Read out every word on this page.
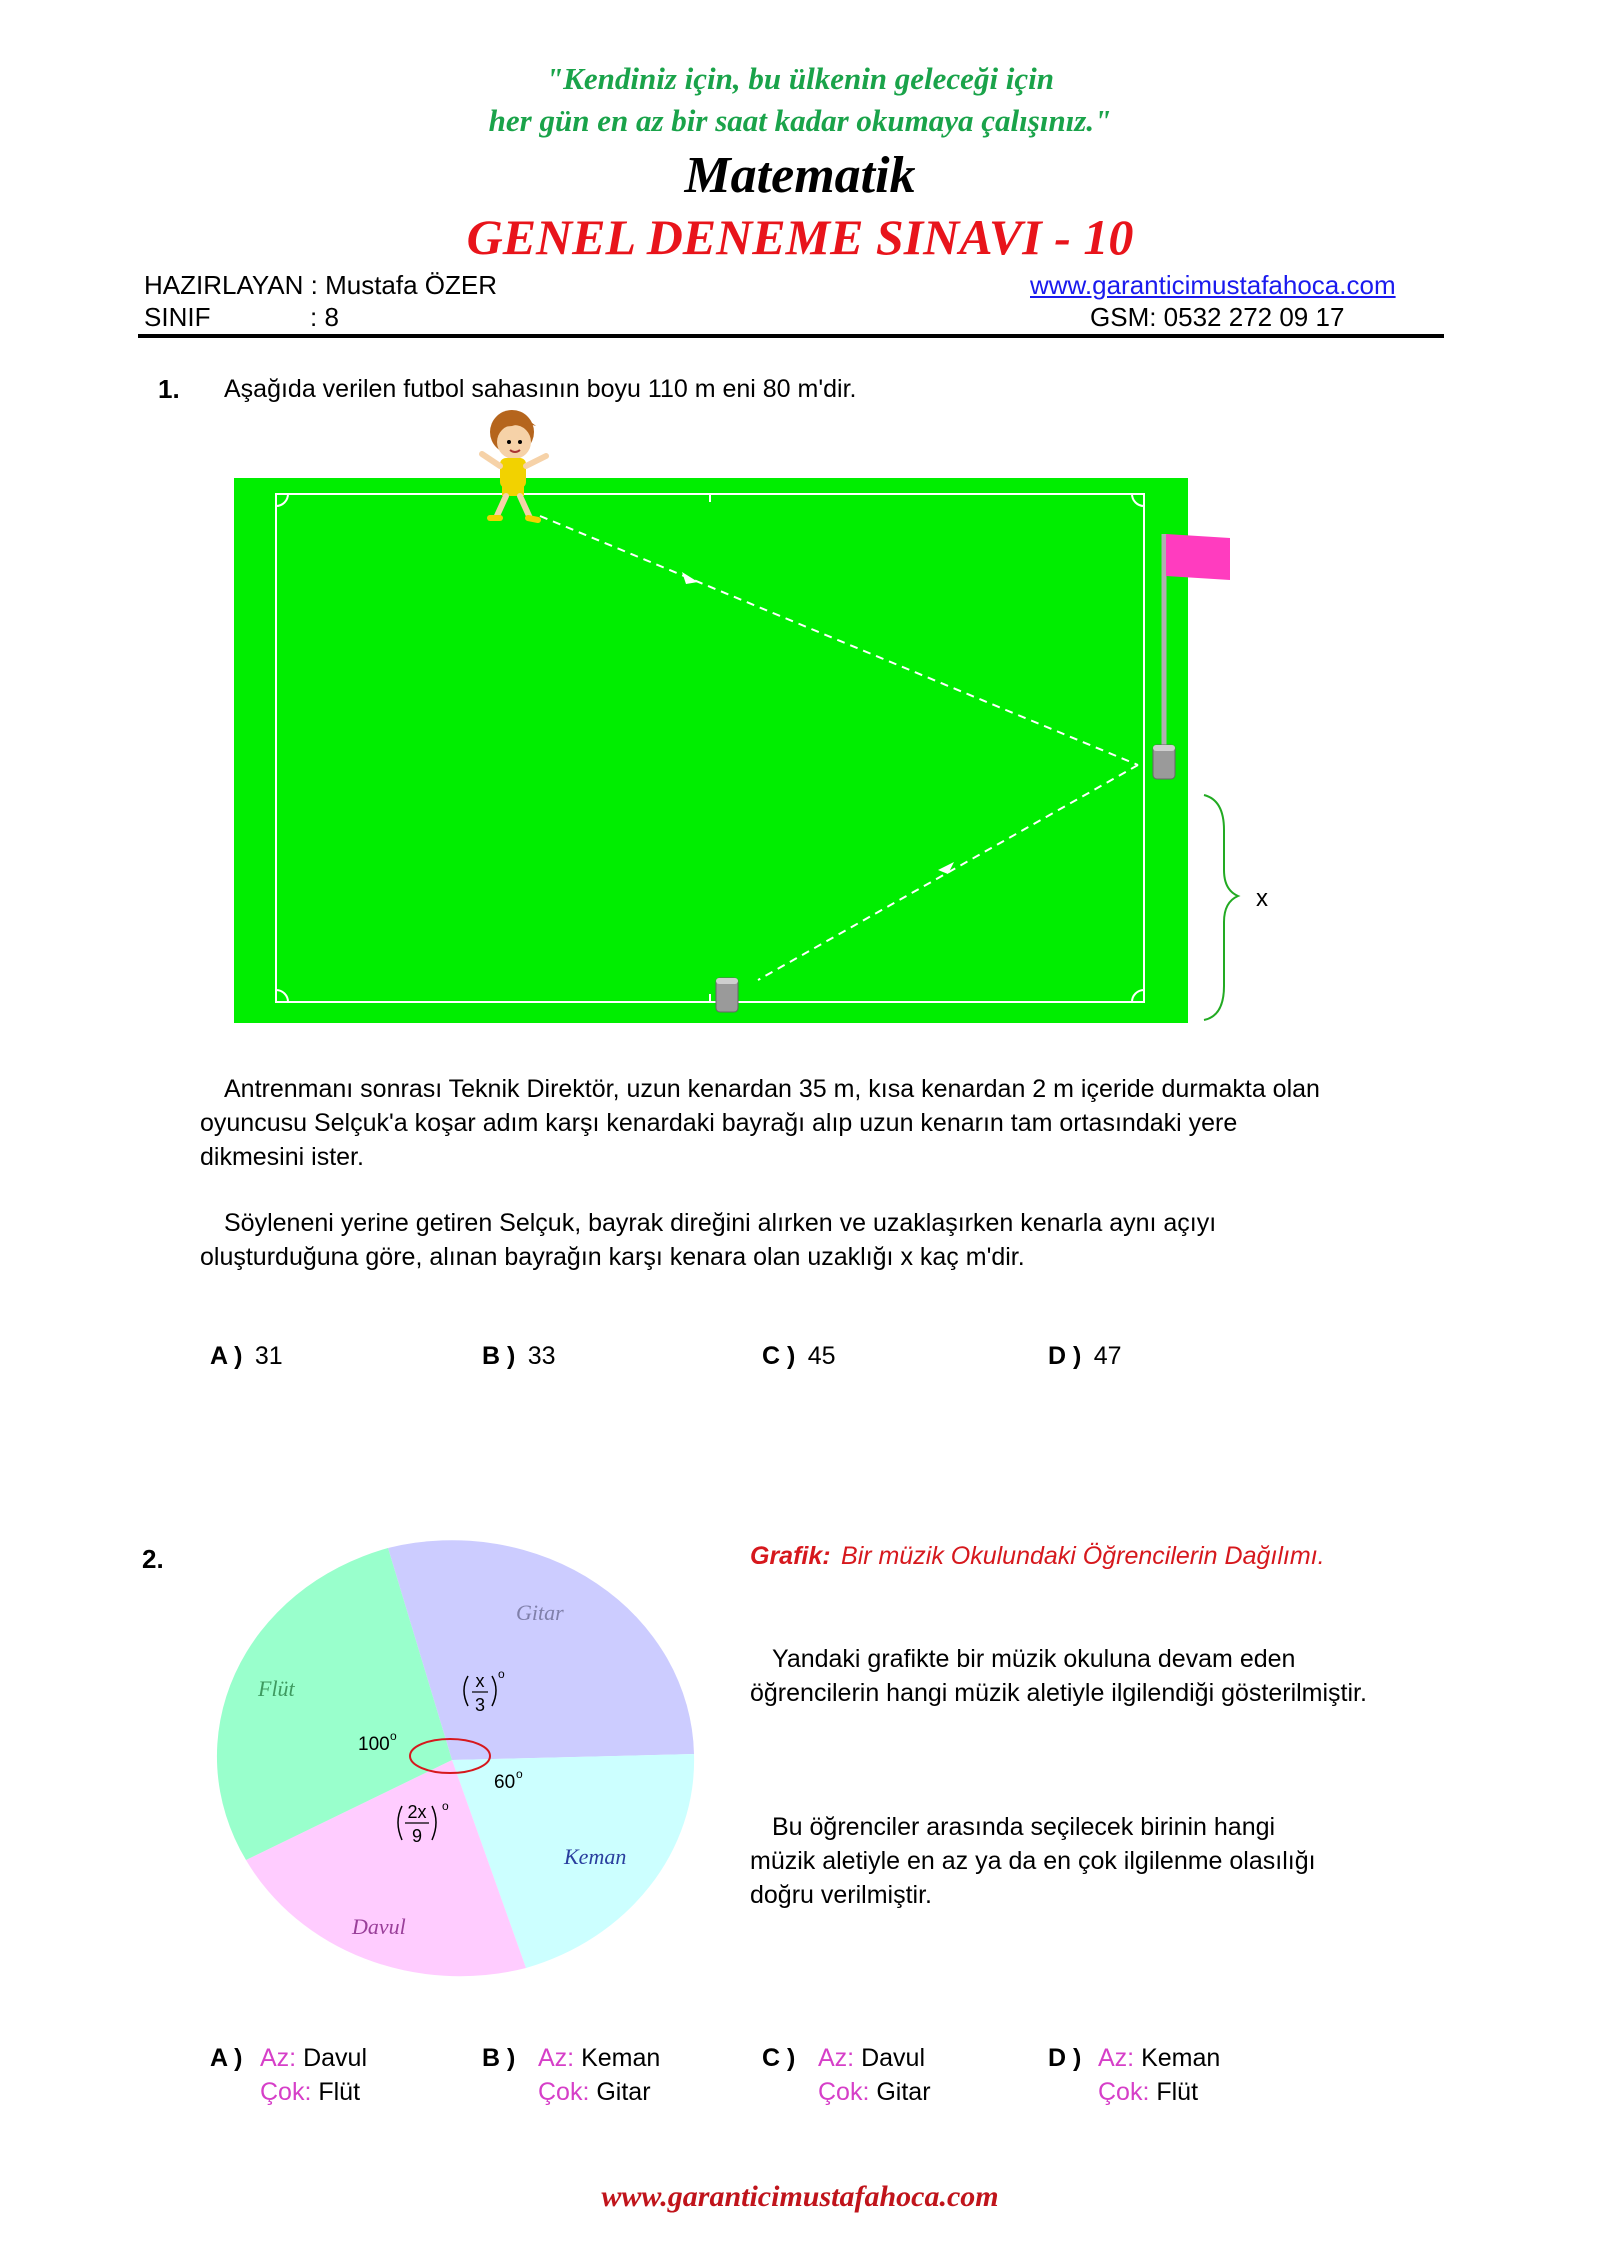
"Kendiniz için, bu ülkenin geleceği için
her gün en az bir saat kadar okumaya çalışınız."
Matematik
GENEL DENEME SINAVI - 10
HAZIRLAYAN : Mustafa ÖZER
SINIF	: 8
www.garanticimustafahoca.com
GSM: 0532 272 09 17
1. Aşağıda verilen futbol sahasının boyu 110 m eni 80 m'dir.
x
Antrenmanı sonrası Teknik Direktör, uzun kenardan 35 m, kısa kenardan 2 m içeride durmakta olan
oyuncusu Selçuk'a koşar adım karşı kenardaki bayrağı alıp uzun kenarın tam ortasındaki yere
dikmesini ister.
Söyleneni yerine getiren Selçuk, bayrak direğini alırken ve uzaklaşırken kenarla aynı açıyı
oluşturduğuna göre, alınan bayrağın karşı kenara olan uzaklığı x kaç m'dir.
A ) 31	B ) 33	C ) 45	D ) 47
2.
Gitar
Flüt
Keman
Davul
x
3
o
100 o
60 o
2x
9
o
Grafik: Bir müzik Okulundaki Öğrencilerin Dağılımı.
Yandaki grafikte bir müzik okuluna devam eden
öğrencilerin hangi müzik aletiyle ilgilendiği gösterilmiştir.
Bu öğrenciler arasında seçilecek birinin hangi
müzik aletiyle en az ya da en çok ilgilenme olasılığı
doğru verilmiştir.
A ) Az: Davul
Çok: Flüt
B ) Az: Keman
Çok: Gitar
C ) Az: Davul
Çok: Gitar
D ) Az: Keman
Çok: Flüt
www.garanticimustafahoca.com
